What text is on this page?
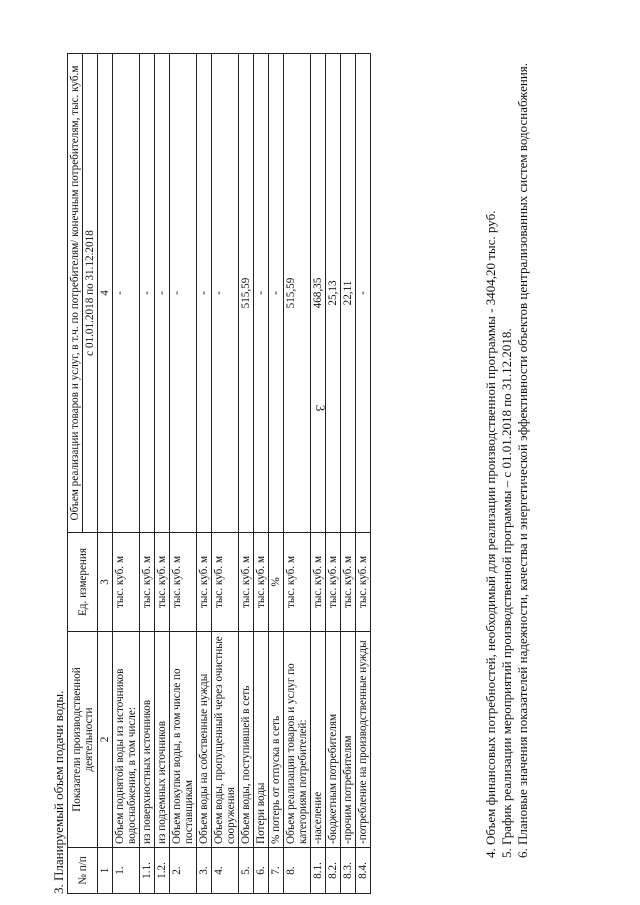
3
3. Планируемый объем подачи воды. № п/п	Показатели производственной деятельности	Ед. измерения	Объем реализации товаров и услуг, в т.ч. по потребителям/ конечным потребителям, тыс. куб.м
			с 01.01.2018 по 31.12.2018
1	2	3	4
1.	Объем поднятой воды из источников водоснабжения, в том числе:	тыс. куб. м	-
1.1.	из поверхностных источников	тыс. куб. м	-
1.2.	из подземных источников	тыс. куб. м	-
2.	Объем покупки воды, в том числе по поставщикам	тыс. куб. м	-
3.	Объем воды на собственные нужды	тыс. куб. м	-
4.	Объем воды, пропущенный через очистные сооружения	тыс. куб. м	-
5.	Объем воды, поступившей в сеть	тыс. куб. м	515,59
6.	Потери воды	тыс. куб. м	-
7.	% потерь от отпуска в сеть	%	-
8.	Объем реализации товаров и услуг по категориям потребителей:	тыс. куб. м	515,59
8.1.	-население	тыс. куб. м	468,35
8.2.	-бюджетным потребителям	тыс. куб. м	25,13
8.3.	-прочим потребителям	тыс. куб. м	22,11
8.4.	-потребление на производственные нужды	тыс. куб. м	-	4. Объем финансовых потребностей, необходимый для реализации производственной программы - 3404,20 тыс. руб. 5. График реализации мероприятий производственной программы – с 01.01.2018 по 31.12.2018. 6. Плановые значения показателей надежности, качества и энергетической эффективности объектов централизованных систем водоснабжения.
